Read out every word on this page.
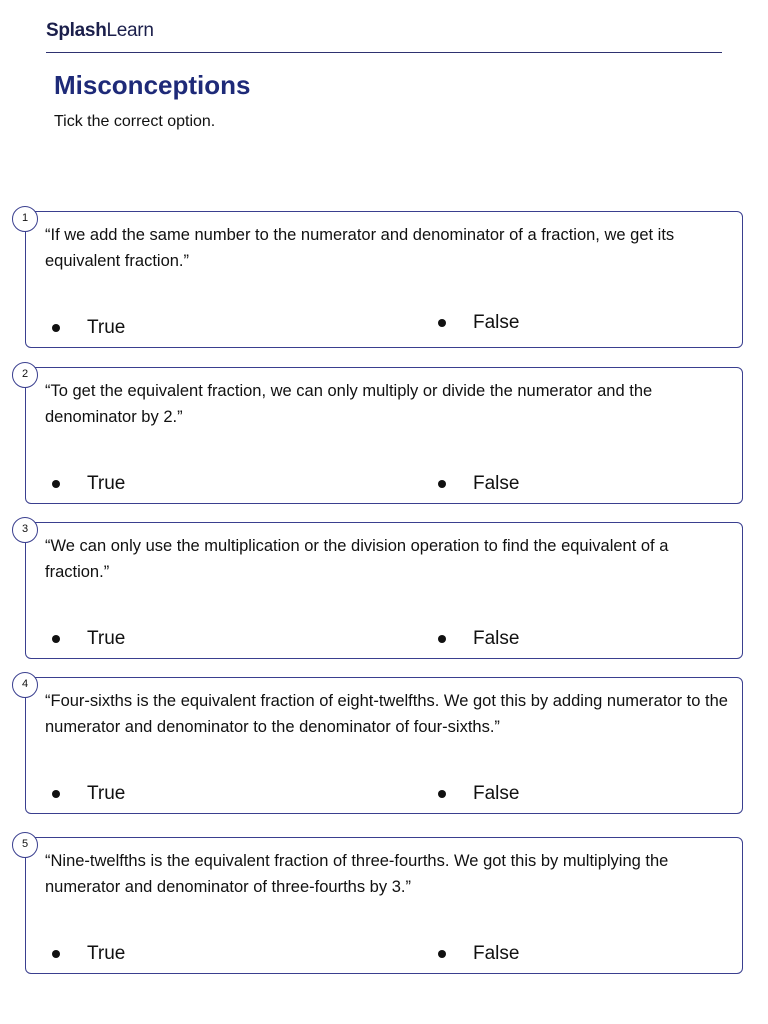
SplashLearn
Misconceptions
Tick the correct option.
1
“If we add the same number to the numerator and denominator of a fraction, we get its equivalent fraction.”
True	False
2
“To get the equivalent fraction, we can only multiply or divide the numerator and the denominator by 2.”
True	False
3
“We can only use the multiplication or the division operation to find the equivalent of a fraction.”
True	False
4
“Four-sixths is the equivalent fraction of eight-twelfths. We got this by adding numerator to the numerator and denominator to the denominator of four-sixths.”
True	False
5
“Nine-twelfths is the equivalent fraction of three-fourths. We got this by multiplying the numerator and denominator of three-fourths by 3.”
True	False
